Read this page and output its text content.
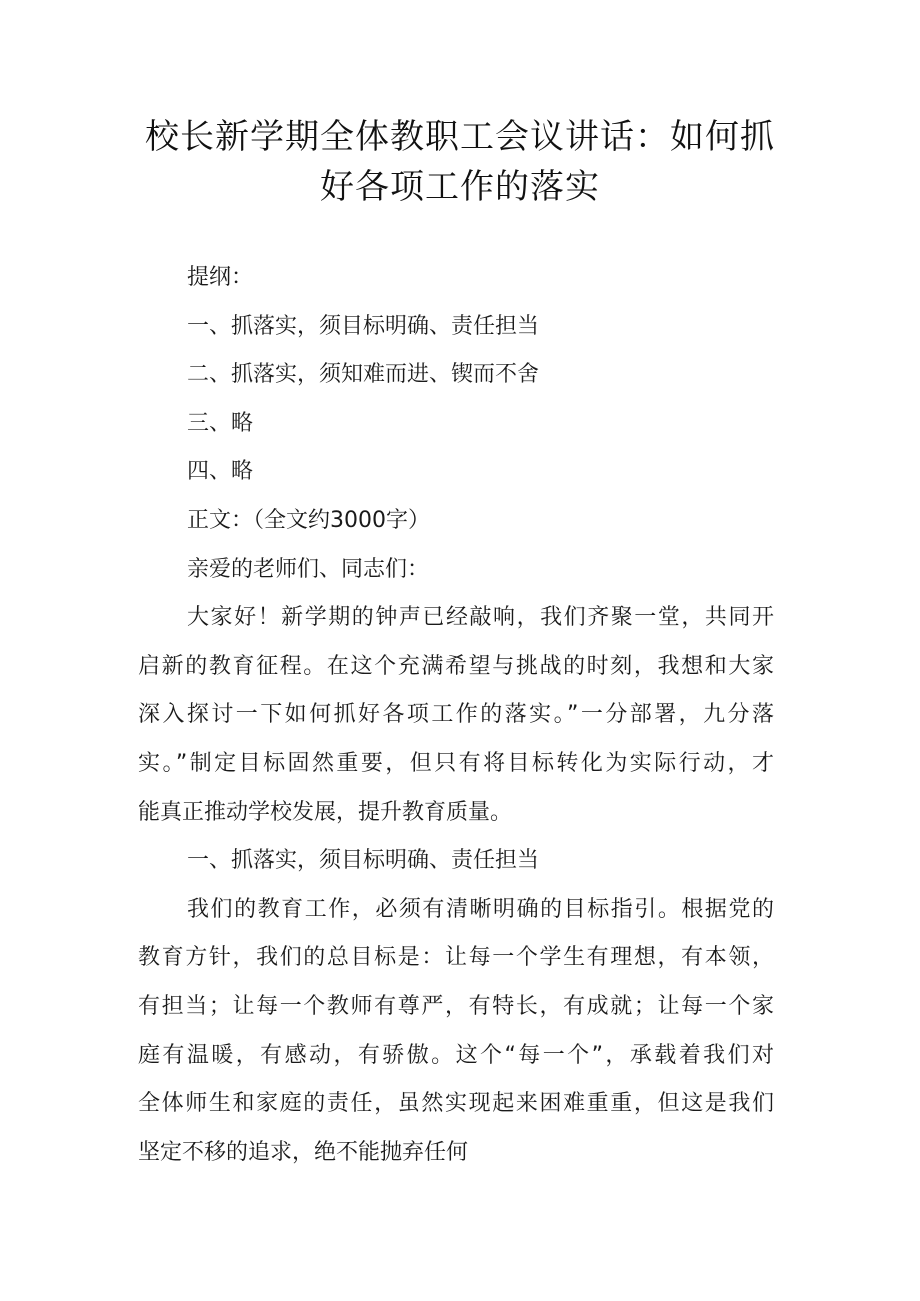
校长新学期全体教职工会议讲话：如何抓
好各项工作的落实

提纲：

一、抓落实，须目标明确、责任担当

二、抓落实，须知难而进、锲而不舍

三、略

四、略

正文：（全文约3000字）

亲爱的老师们、同志们：

大家好！新学期的钟声已经敲响，我们齐聚一堂，共同开

启新的教育征程。在这个充满希望与挑战的时刻，我想和大家

深入探讨一下如何抓好各项工作的落实。”一分部署，九分落

实。”制定目标固然重要，但只有将目标转化为实际行动，才

能真正推动学校发展，提升教育质量。

一、抓落实，须目标明确、责任担当

我们的教育工作，必须有清晰明确的目标指引。根据党的

教育方针，我们的总目标是：让每一个学生有理想，有本领，

有担当；让每一个教师有尊严，有特长，有成就；让每一个家

庭有温暖，有感动，有骄傲。这个“每一个”，承载着我们对

全体师生和家庭的责任，虽然实现起来困难重重，但这是我们

坚定不移的追求，绝不能抛弃任何
